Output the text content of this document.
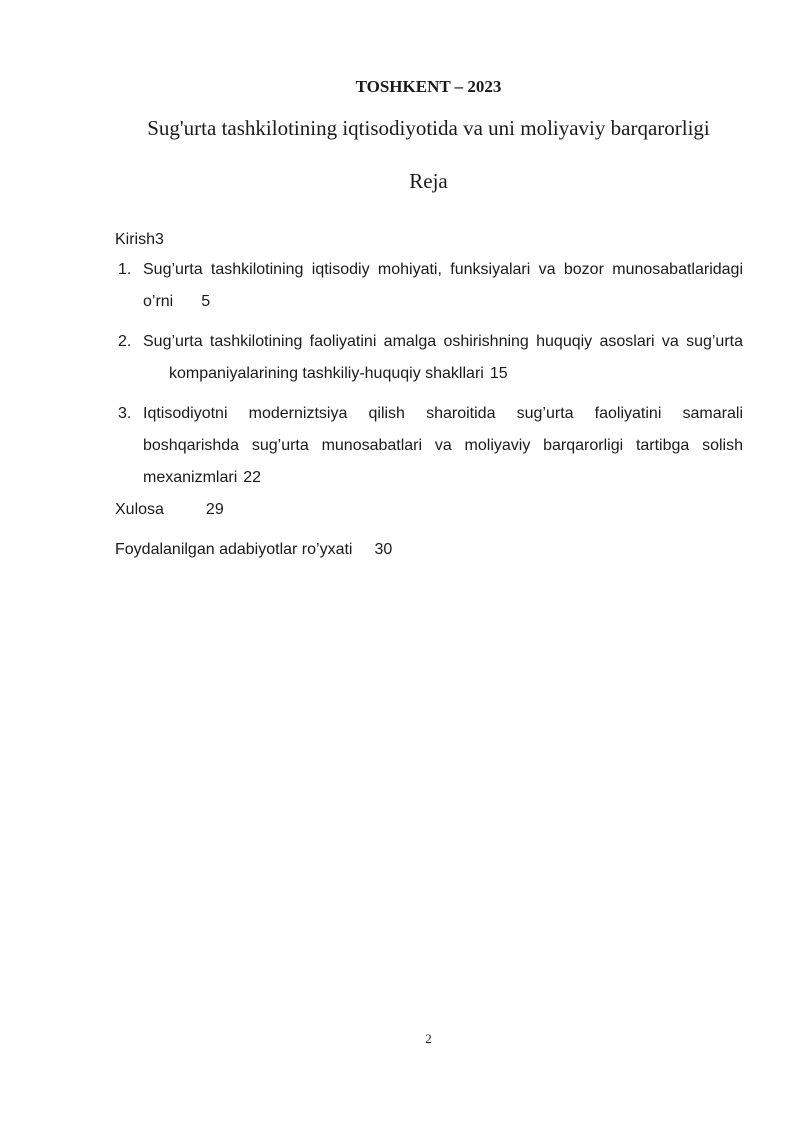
TOSHKENT – 2023
Sug'urta tashkilotining iqtisodiyotida va uni moliyaviy barqarorligi
Reja
Kirish3
1. Sug’urta tashkilotining iqtisodiy mohiyati, funksiyalari va bozor munosabatlaridagi o’rni 5
2. Sug’urta tashkilotining faoliyatini amalga oshirishning huquqiy asoslari va sug’urtakompaniyalarining tashkiliy-huquqiy shakllari 15
3. Iqtisodiyotni moderniztsiya qilish sharoitida sug’urta faoliyatini samarali boshqarishda sug’urta munosabatlari va moliyaviy barqarorligi tartibga solish mexanizmlari 22
Xulosa	29
Foydalanilgan adabiyotlar ro’yxati 30
2
